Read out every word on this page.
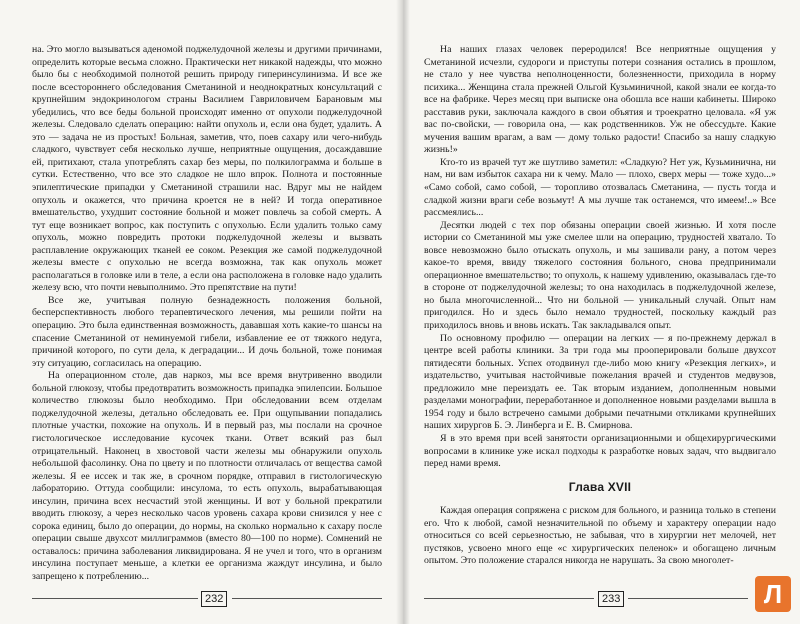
на. Это могло вызываться аденомой поджелудочной железы и другими причинами, определить которые весьма сложно. Практически нет никакой надежды, что можно было бы с необходимой полнотой решить природу гиперинсулинизма. И все же после всестороннего обследования Сметаниной и неоднократных консультаций с крупнейшим эндокринологом страны Василием Гавриловичем Барановым мы убедились, что все беды больной происходят именно от опухоли поджелудочной железы. Следовало сделать операцию: найти опухоль и, если она будет, удалить. А это — задача не из простых! Больная, заметив, что, поев сахару или чего-нибудь сладкого, чувствует себя несколько лучше, неприятные ощущения, досаждавшие ей, притихают, стала употреблять сахар без меры, по полкилограмма и больше в сутки. Естественно, что все это сладкое не шло впрок. Полнота и постоянные эпилептические припадки у Сметаниной страшили нас. Вдруг мы не найдем опухоль и окажется, что причина кроется не в ней? И тогда оперативное вмешательство, ухудшит состояние больной и может повлечь за собой смерть. А тут еще возникает вопрос, как поступить с опухолью. Если удалить только саму опухоль, можно повредить протоки поджелудочной железы и вызвать расплавление окружающих тканей ее соком. Резекция же самой поджелудочной железы вместе с опухолью не всегда возможна, так как опухоль может располагаться в головке или в теле, а если она расположена в головке надо удалить железу всю, что почти невыполнимо. Это препятствие на пути!

Все же, учитывая полную безнадежность положения больной, бесперспективность любого терапевтического лечения, мы решили пойти на операцию. Это была единственная возможность, дававшая хоть какие-то шансы на спасение Сметаниной от неминуемой гибели, избавление ее от тяжкого недуга, причиной которого, по сути дела, к деградации... И дочь больной, тоже понимая эту ситуацию, согласилась на операцию.

На операционном столе, дав наркоз, мы все время внутривенно вводили больной глюкозу, чтобы предотвратить возможность припадка эпилепсии. Большое количество глюкозы было необходимо. При обследовании всем отделам поджелудочной железы, детально обследовать ее. При ощупывании попадались плотные участки, похожие на опухоль. И в первый раз, мы послали на срочное гистологическое исследование кусочек ткани. Ответ всякий раз был отрицательный. Наконец в хвостовой части железы мы обнаружили опухоль небольшой фасолинку. Она по цвету и по плотности отличалась от вещества самой железы. Я ее иссек и так же, в срочном порядке, отправил в гистологическую лабораторию. Оттуда сообщили: инсулома, то есть опухоль, вырабатывающая инсулин, причина всех несчастий этой женщины. И вот у больной прекратили вводить глюкозу, а через несколько часов уровень сахара крови снизился у нее с сорока единиц, было до операции, до нормы, на сколько нормально к сахару после операции свыше двухсот миллиграммов (вместо 80—100 по норме). Сомнений не оставалось: причина заболевания ликвидирована. Я не учел и того, что в организм инсулина поступает меньше, а клетки ее организма жаждут инсулина, и было запрещено к потреблению...

232

На наших глазах человек переродился! Все неприятные ощущения у Сметаниной исчезли, судороги и приступы потери сознания остались в прошлом, не стало у нее чувства неполноценности, болезненности, приходила в норму психика... Женщина стала прежней Ольгой Кузьминичной, какой знали ее когда-то все на фабрике. Через месяц при выписке она обошла все наши кабинеты. Широко расставив руки, заключала каждого в свои объятия и троекратно целовала. «Я уж вас по-свойски, — говорила она, — как родственников. Уж не обессудьте. Какие мучения вашим врагам, а вам — дому только радости! Спасибо за нашу сладкую жизнь!»

Кто-то из врачей тут же шутливо заметил: «Сладкую? Нет уж, Кузьминична, ни нам, ни вам избыток сахара ни к чему. Мало — плохо, сверх меры — тоже худо...» «Само собой, само собой, — торопливо отозвалась Сметанина, — пусть тогда и сладкой жизни враги себе возьмут! А мы лучше так останемся, что имеем!..» Все рассмеялись...

Десятки людей с тех пор обязаны операции своей жизнью. И хотя после истории со Сметаниной мы уже смелее шли на операцию, трудностей хватало. То вовсе невозможно было отыскать опухоль, и мы зашивали рану, а потом через какое-то время, ввиду тяжелого состояния больного, снова предпринимали операционное вмешательство; то опухоль, к нашему удивлению, оказывалась где-то в стороне от поджелудочной железы; то она находилась в поджелудочной железе, но была многочисленной... Что ни больной — уникальный случай. Опыт нам пригодился. Но и здесь было немало трудностей, поскольку каждый раз приходилось вновь и вновь искать. Так закладывался опыт.

По основному профилю — операции на легких — я по-прежнему держал в центре всей работы клиники. За три года мы прооперировали больше двухсот пятидесяти больных. Успех отодвинул где-либо мою книгу «Резекция легких», и издательство, учитывая настойчивые пожелания врачей и студентов медвузов, предложило мне переиздать ее. Так вторым изданием, дополненным новыми разделами монографии, переработанное и дополненное новыми разделами вышла в 1954 году и было встречено самыми добрыми печатными откликами крупнейших наших хирургов Б. Э. Линберга и Е. В. Смирнова.

Я в это время при всей занятости организационными и общехирургическими вопросами в клинике уже искал подходы к разработке новых задач, что выдвигало перед нами время.

Глава XVII

Каждая операция сопряжена с риском для больного, и разница только в степени его. Что к любой, самой незначительной по объему и характеру операции надо относиться со всей серьезностью, не забывая, что в хирургии нет мелочей, нет пустяков, усвоено много еще «с хирургических пеленок» и обогащено личным опытом. Это положение старался никогда не нарушать. За свою многолет-

233	Л
